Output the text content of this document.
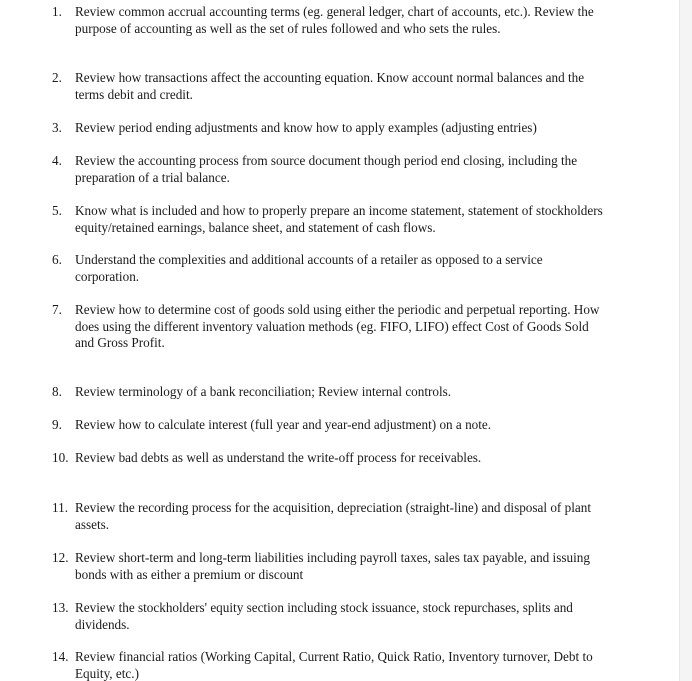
1. Review common accrual accounting terms (eg. general ledger, chart of accounts, etc.). Review the purpose of accounting as well as the set of rules followed and who sets the rules.
2. Review how transactions affect the accounting equation. Know account normal balances and the terms debit and credit.
3. Review period ending adjustments and know how to apply examples (adjusting entries)
4. Review the accounting process from source document though period end closing, including the preparation of a trial balance.
5. Know what is included and how to properly prepare an income statement, statement of stockholders equity/retained earnings, balance sheet, and statement of cash flows.
6. Understand the complexities and additional accounts of a retailer as opposed to a service corporation.
7. Review how to determine cost of goods sold using either the periodic and perpetual reporting. How does using the different inventory valuation methods (eg. FIFO, LIFO) effect Cost of Goods Sold and Gross Profit.
8. Review terminology of a bank reconciliation; Review internal controls.
9. Review how to calculate interest (full year and year-end adjustment) on a note.
10. Review bad debts as well as understand the write-off process for receivables.
11. Review the recording process for the acquisition, depreciation (straight-line) and disposal of plant assets.
12. Review short-term and long-term liabilities including payroll taxes, sales tax payable, and issuing bonds with as either a premium or discount
13. Review the stockholders' equity section including stock issuance, stock repurchases, splits and dividends.
14. Review financial ratios (Working Capital, Current Ratio, Quick Ratio, Inventory turnover, Debt to Equity, etc.)
